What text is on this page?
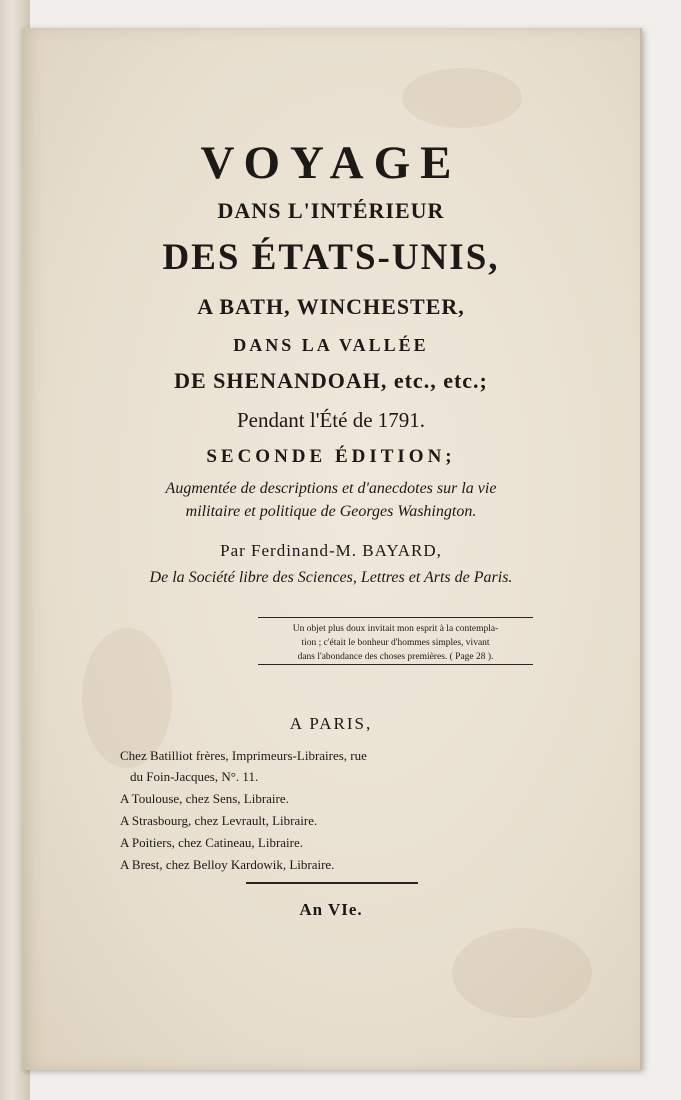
VOYAGE
DANS L'INTÉRIEUR
DES ÉTATS-UNIS,
A BATH, WINCHESTER,
DANS LA VALLÉE
DE SHENANDOAH, etc., etc.;
Pendant l'Été de 1791.
SECONDE ÉDITION;
Augmentée de descriptions et d'anecdotes sur la vie
militaire et politique de Georges Washington.
Par Ferdinand-M. BAYARD,
De la Société libre des Sciences, Lettres et Arts de Paris.
Un objet plus doux invitait mon esprit à la contempla-
tion ; c'était le bonheur d'hommes simples, vivant
dans l'abondance des choses premières. ( Page 28 ).
A PARIS,
Chez Batilliot frères, Imprimeurs-Libraires, rue
du Foin-Jacques, N°. 11.
A Toulouse, chez Sens, Libraire.
A Strasbourg, chez Levrault, Libraire.
A Poitiers, chez Catineau, Libraire.
A Brest, chez Belloy Kardowik, Libraire.
An VIe.
